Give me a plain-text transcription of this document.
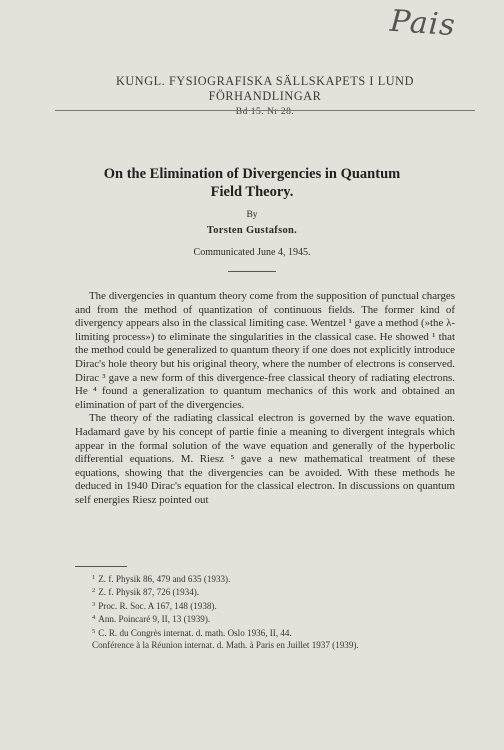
Pais
KUNGL. FYSIOGRAFISKA SÄLLSKAPETS I LUND FÖRHANDLINGAR
Bd 15. Nr 28.
On the Elimination of Divergencies in Quantum
Field Theory.
By
Torsten Gustafson.
Communicated June 4, 1945.

The divergencies in quantum theory come from the supposition of punctual charges and from the method of quantization of continuous fields. The former kind of divergency appears also in the classical limiting case. Wentzel ¹ gave a method (»the λ-limiting process») to eliminate the singularities in the classical case. He showed ¹ that the method could be generalized to quantum theory if one does not explicitly introduce Dirac's hole theory but his original theory, where the number of electrons is conserved. Dirac ³ gave a new form of this divergence-free classical theory of radiating electrons. He ⁴ found a generalization to quantum mechanics of this work and obtained an elimination of part of the divergencies.

The theory of the radiating classical electron is governed by the wave equation. Hadamard gave by his concept of partie finie a meaning to divergent integrals which appear in the formal solution of the wave equation and generally of the hyperbolic differential equations. M. Riesz ⁵ gave a new mathematical treatment of these equations, showing that the divergencies can be avoided. With these methods he deduced in 1940 Dirac's equation for the classical electron. In discussions on quantum self energies Riesz pointed out

$^1$ Z. f. Physik 86, 479 and 635 (1933).
$^2$ Z. f. Physik 87, 726 (1934).
$^3$ Proc. R. Soc. A 167, 148 (1938).
$^4$ Ann. Poincaré 9, II, 13 (1939).
$^5$ C. R. du Congrès internat. d. math. Oslo 1936, II, 44.
Conférence à la Réunion internat. d. Math. à Paris en Juillet 1937 (1939).
